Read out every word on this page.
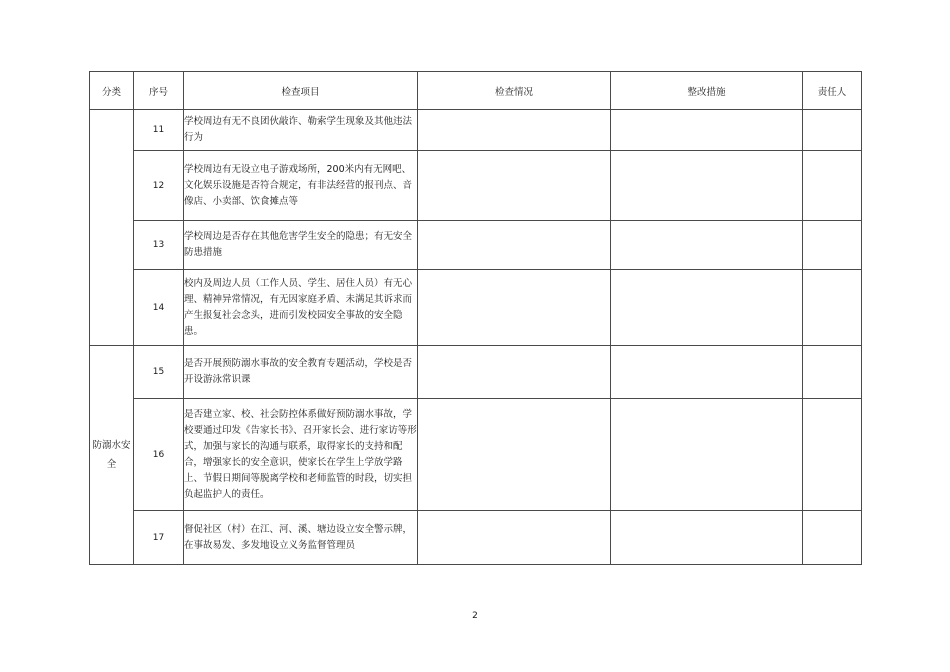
分类	序号	检查项目	检查情况	整改措施	责任人
	11	学校周边有无不良团伙敲诈、勒索学生现象及其他违法行为			
	12	学校周边有无设立电子游戏场所，200米内有无网吧、文化娱乐设施是否符合规定，有非法经营的报刊点、音像店、小卖部、饮食摊点等			
	13	学校周边是否存在其他危害学生安全的隐患；有无安全防患措施			
	14	校内及周边人员（工作人员、学生、居住人员）有无心理、精神异常情况，有无因家庭矛盾、未满足其诉求而产生报复社会念头，进而引发校园安全事故的安全隐患。			
防溺水安全	15	是否开展预防溺水事故的安全教育专题活动，学校是否开设游泳常识课			
	16	是否建立家、校、社会防控体系做好预防溺水事故，学校要通过印发《告家长书》、召开家长会、进行家访等形式，加强与家长的沟通与联系，取得家长的支持和配合，增强家长的安全意识，使家长在学生上学放学路上、节假日期间等脱离学校和老师监管的时段，切实担负起监护人的责任。			
	17	督促社区（村）在江、河、溪、塘边设立安全警示牌，在事故易发、多发地设立义务监督管理员			
2
